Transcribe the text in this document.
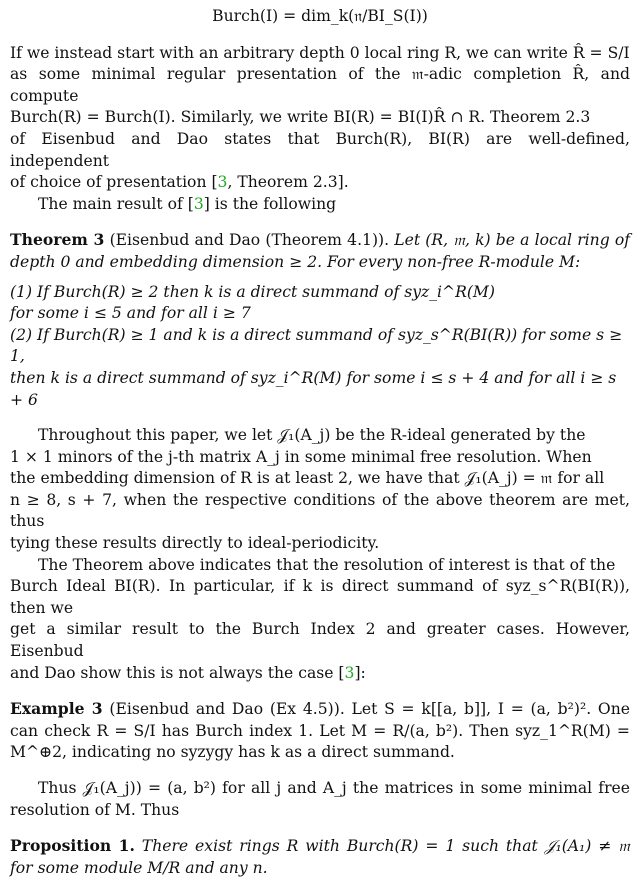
Burch(I) = dim_k(𝔫/BI_S(I))

If we instead start with an arbitrary depth 0 local ring R, we can write R̂ = S/I
as some minimal regular presentation of the 𝔪-adic completion R̂, and compute
Burch(R) = Burch(I). Similarly, we write BI(R) = BI(I)R̂ ∩ R. Theorem 2.3
of Eisenbud and Dao states that Burch(R), BI(R) are well-defined, independent
of choice of presentation [3, Theorem 2.3].

The main result of [3] is the following

Theorem 3 (Eisenbud and Dao (Theorem 4.1)). Let (R, 𝔪, k) be a local ring of depth 0 and embedding dimension ≥ 2. For every non-free R-module M:

(1) If Burch(R) ≥ 2 then k is a direct summand of syz_i^R(M)
for some i ≤ 5 and for all i ≥ 7

(2) If Burch(R) ≥ 1 and k is a direct summand of syz_s^R(BI(R)) for some s ≥ 1,
then k is a direct summand of syz_i^R(M) for some i ≤ s + 4 and for all i ≥ s + 6

Throughout this paper, we let 𝒥₁(A_j) be the R-ideal generated by the
1 × 1 minors of the j-th matrix A_j in some minimal free resolution. When
the embedding dimension of R is at least 2, we have that 𝒥₁(A_j) = 𝔪 for all
n ≥ 8, s + 7, when the respective conditions of the above theorem are met, thus
tying these results directly to ideal-periodicity.

The Theorem above indicates that the resolution of interest is that of the
Burch Ideal BI(R). In particular, if k is direct summand of syz_s^R(BI(R)), then we
get a similar result to the Burch Index 2 and greater cases. However, Eisenbud
and Dao show this is not always the case [3]:

Example 3 (Eisenbud and Dao (Ex 4.5)). Let S = k[[a, b]], I = (a, b²)². One can check R = S/I has Burch index 1. Let M = R/(a, b²). Then syz_1^R(M) = M^⊕2, indicating no syzygy has k as a direct summand.

Thus 𝒥₁(A_j)) = (a, b²) for all j and A_j the matrices in some minimal free resolution of M. Thus

Proposition 1. There exist rings R with Burch(R) = 1 such that 𝒥₁(A₁) ≠ 𝔪 for some module M/R and any n.
